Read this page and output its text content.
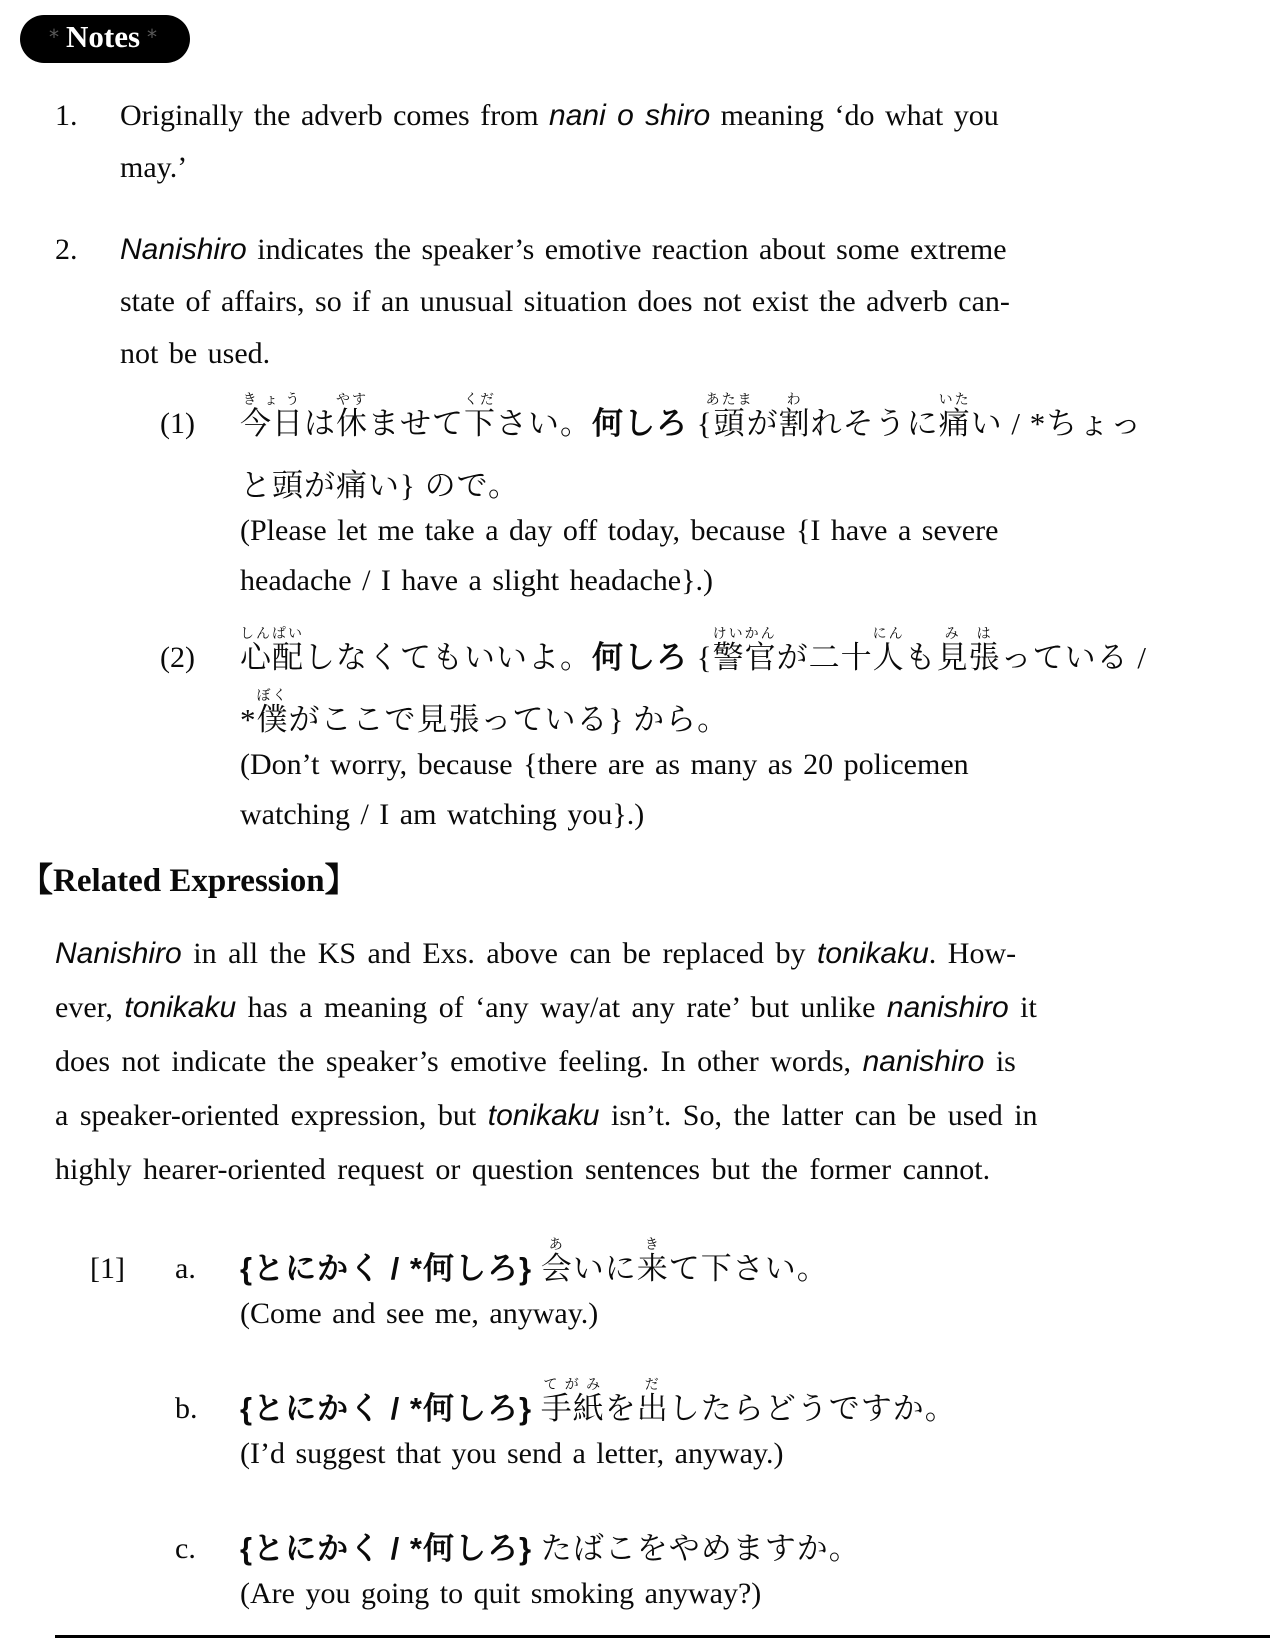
* Notes *
1.	Originally the adverb comes from nani o shiro meaning ‘do what you
may.’
2.	Nanishiro indicates the speaker’s emotive reaction about some extreme
state of affairs, so if an unusual situation does not exist the adverb can-
not be used.
(1)	今日きょうは休やすませて下ください。何しろ {頭あたまが割われそうに痛いたい / *ちょっ
と頭が痛い} ので。
(Please let me take a day off today, because {I have a severe
headache / I have a slight headache}.)
(2)	心配しんぱいしなくてもいいよ。何しろ {警官けいかんが二十人にんも見み張はっている /
*僕ぼくがここで見張っている} から。
(Don’t worry, because {there are as many as 20 policemen
watching / I am watching you}.)
【Related Expression】
Nanishiro in all the KS and Exs. above can be replaced by tonikaku. How-
ever, tonikaku has a meaning of ‘any way/at any rate’ but unlike nanishiro it
does not indicate the speaker’s emotive feeling. In other words, nanishiro is
a speaker-oriented expression, but tonikaku isn’t. So, the latter can be used in
highly hearer-oriented request or question sentences but the former cannot.
[1]	a.	{とにかく / *何しろ} 会あいに来きて下さい。
(Come and see me, anyway.)
b.	{とにかく / *何しろ} 手紙てがみを出だしたらどうですか。
(I’d suggest that you send a letter, anyway.)
c.	{とにかく / *何しろ} たばこをやめますか。
(Are you going to quit smoking anyway?)
